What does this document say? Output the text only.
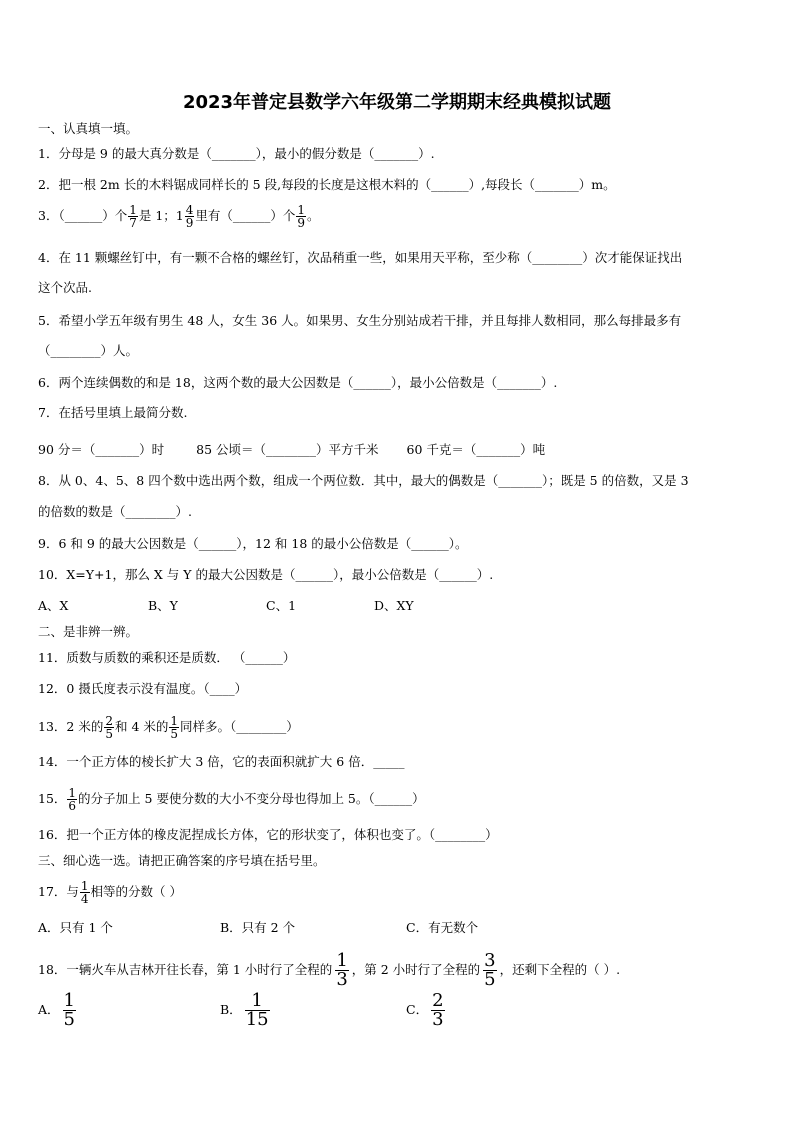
2023年普定县数学六年级第二学期期末经典模拟试题
一、认真填一填。
1．分母是 9 的最大真分数是（_______），最小的假分数是（_______）.
2．把一根 2m 长的木料锯成同样长的 5 段,每段的长度是这根木料的（______）,每段长（_______）m。
3．（______）个 $\frac{1}{7}$ 是 1；$1 \frac{4}{9}$ 里有（______）个 $\frac{1}{9}$ 。
4．在 11 颗螺丝钉中，有一颗不合格的螺丝钉，次品稍重一些，如果用天平称，至少称（________）次才能保证找出
这个次品.
5．希望小学五年级有男生 48 人，女生 36 人。如果男、女生分别站成若干排，并且每排人数相同，那么每排最多有
（________）人。
6．两个连续偶数的和是 18，这两个数的最大公因数是（______），最小公倍数是（_______）.
7．在括号里填上最简分数.
90 分＝（_______）时	85 公顷＝（________）平方千米 60 千克＝（_______）吨
8．从 0、4、5、8 四个数中选出两个数，组成一个两位数．其中，最大的偶数是（_______）；既是 5 的倍数，又是 3
的倍数的数是（________）.
9．6 和 9 的最大公因数是（______），12 和 18 的最小公倍数是（______）。
10．X=Y+1，那么 X 与 Y 的最大公因数是（______），最小公倍数是（______）.
A、X	B、Y	C、1	D、XY
二、是非辨一辨。
11．质数与质数的乘积还是质数． （______）
12．0 摄氏度表示没有温度。（____）
13．2 米的 $\frac{2}{5}$ 和 4 米的 $\frac{1}{5}$ 同样多。（________）
14．一个正方体的棱长扩大 3 倍，它的表面积就扩大 6 倍．_____
15． $\frac{1}{6}$ 的分子加上 5 要使分数的大小不变分母也得加上 5。（______）
16．把一个正方体的橡皮泥捏成长方体，它的形状变了，体积也变了。（________）
三、细心选一选。请把正确答案的序号填在括号里。
17．与 $\frac{1}{4}$ 相等的分数（ ）
A．只有 1 个	B．只有 2 个	C．有无数个
18．一辆火车从吉林开往长春，第 1 小时行了全程的 $\frac{1}{3}$ ，第 2 小时行了全程的 $\frac{3}{5}$ ，还剩下全程的（ ）.
A． $\frac{1}{5}$	B． $\frac{1}{15}$	C． $\frac{2}{3}$
